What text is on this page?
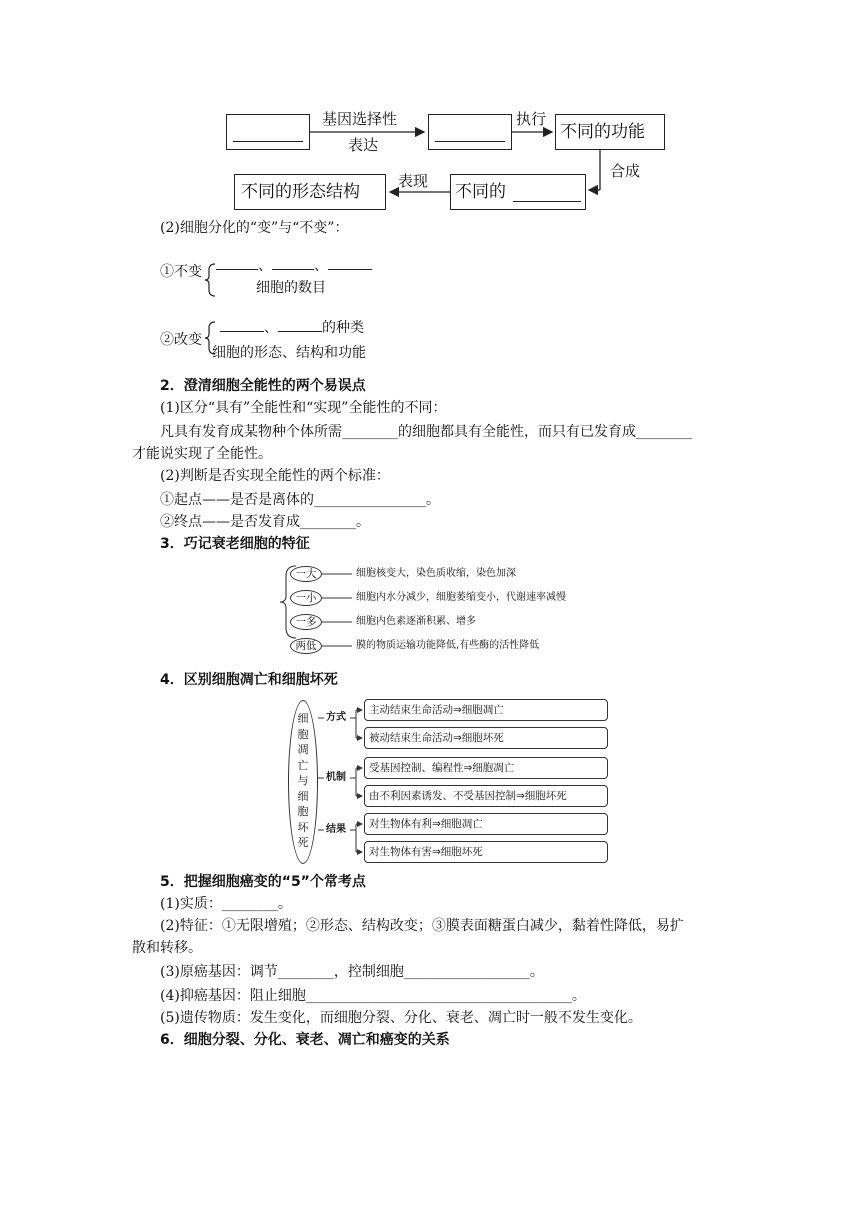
基因选择性
表达
执行
不同的功能
合成
不同的
表现
不同的形态结构
(2)细胞分化的“变”与“不变”：
①不变	、	、
细胞的数目
②改变
、	的种类
细胞的形态、结构和功能
2．澄清细胞全能性的两个易误点
(1)区分“具有”全能性和“实现”全能性的不同：
凡具有发育成某物种个体所需________的细胞都具有全能性，而只有已发育成________
才能说实现了全能性。
(2)判断是否实现全能性的两个标准：
①起点——是否是离体的________________。
②终点——是否发育成________。
3．巧记衰老细胞的特征
一大	细胞核变大，染色质收缩，染色加深
一小	细胞内水分减少，细胞萎缩变小，代谢速率减慢
一多	细胞内色素逐渐积累、增多
两低	膜的物质运输功能降低,有些酶的活性降低
4．区别细胞凋亡和细胞坏死
细
胞
凋
亡
与
细
胞
坏
死
方式
主动结束生命活动⇒细胞凋亡
被动结束生命活动⇒细胞坏死
机制
受基因控制、编程性⇒细胞凋亡
由不利因素诱发、不受基因控制⇒细胞坏死
结果	对生物体有利⇒细胞凋亡
对生物体有害⇒细胞坏死
5．把握细胞癌变的“5”个常考点
(1)实质：________。
(2)特征：①无限增殖；②形态、结构改变；③膜表面糖蛋白减少，黏着性降低，易扩
散和转移。
(3)原癌基因：调节________，控制细胞__________________。
(4)抑癌基因：阻止细胞______________________________________。
(5)遗传物质：发生变化，而细胞分裂、分化、衰老、凋亡时一般不发生变化。
6．细胞分裂、分化、衰老、凋亡和癌变的关系
